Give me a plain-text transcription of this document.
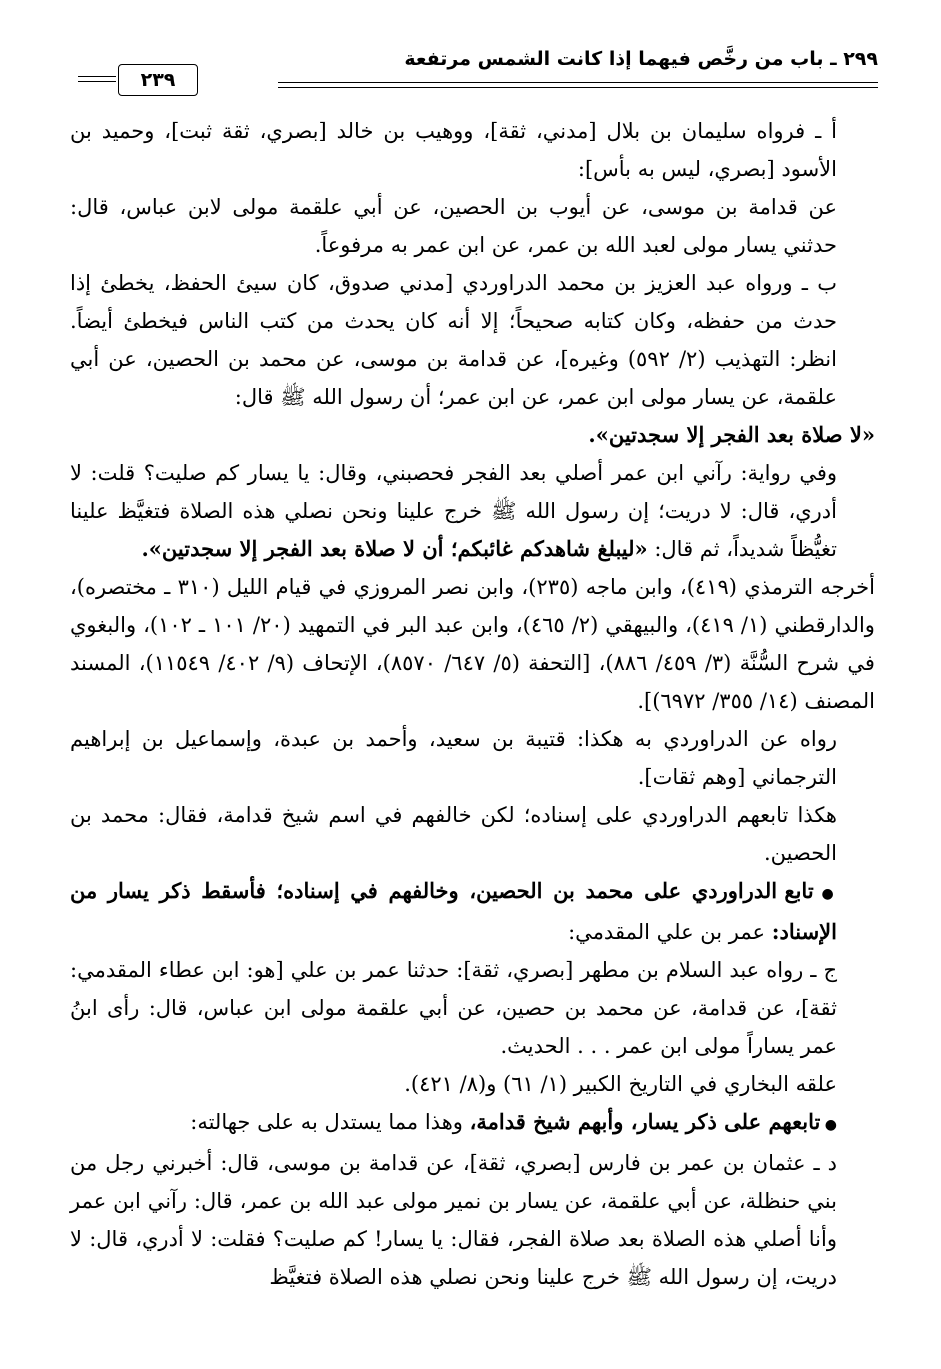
٢٩٩ ـ باب من رخَّص فيهما إذا كانت الشمس مرتفعة
٢٣٩

أ ـ فرواه سليمان بن بلال [مدني، ثقة]، ووهيب بن خالد [بصري، ثقة ثبت]، وحميد بن الأسود [بصري، ليس به بأس]:

عن قدامة بن موسى، عن أيوب بن الحصين، عن أبي علقمة مولى لابن عباس، قال: حدثني يسار مولى لعبد الله بن عمر، عن ابن عمر به مرفوعاً.

ب ـ ورواه عبد العزيز بن محمد الدراوردي [مدني صدوق، كان سيئ الحفظ، يخطئ إذا حدث من حفظه، وكان كتابه صحيحاً؛ إلا أنه كان يحدث من كتب الناس فيخطئ أيضاً. انظر: التهذيب (٢/ ٥٩٢) وغيره]، عن قدامة بن موسى، عن محمد بن الحصين، عن أبي علقمة، عن يسار مولى ابن عمر، عن ابن عمر؛ أن رسول الله ﷺ قال:

«لا صلاة بعد الفجر إلا سجدتين».

وفي رواية: رآني ابن عمر أصلي بعد الفجر فحصبني، وقال: يا يسار كم صليت؟ قلت: لا أدري، قال: لا دريت؛ إن رسول الله ﷺ خرج علينا ونحن نصلي هذه الصلاة فتغيَّظ علينا تغيُّظاً شديداً، ثم قال: «ليبلغ شاهدكم غائبكم؛ أن لا صلاة بعد الفجر إلا سجدتين».

أخرجه الترمذي (٤١٩)، وابن ماجه (٢٣٥)، وابن نصر المروزي في قيام الليل (٣١٠ ـ مختصره)، والدارقطني (١/ ٤١٩)، والبيهقي (٢/ ٤٦٥)، وابن عبد البر في التمهيد (٢٠/ ١٠١ ـ ١٠٢)، والبغوي في شرح السُّنَّة (٣/ ٤٥٩/ ٨٨٦)، [التحفة (٥/ ٦٤٧/ ٨٥٧٠)، الإتحاف (٩/ ٤٠٢/ ١١٥٤٩)، المسند المصنف (١٤/ ٣٥٥/ ٦٩٧٢)].

رواه عن الدراوردي به هكذا: قتيبة بن سعيد، وأحمد بن عبدة، وإسماعيل بن إبراهيم الترجماني [وهم ثقات].

هكذا تابعهم الدراوردي على إسناده؛ لكن خالفهم في اسم شيخ قدامة، فقال: محمد بن الحصين.

● تابع الدراوردي على محمد بن الحصين، وخالفهم في إسناده؛ فأسقط ذكر يسار من الإسناد: عمر بن علي المقدمي:

ج ـ رواه عبد السلام بن مطهر [بصري، ثقة]: حدثنا عمر بن علي [هو: ابن عطاء المقدمي: ثقة]، عن قدامة، عن محمد بن حصين، عن أبي علقمة مولى ابن عباس، قال: رأى ابنُ عمر يساراً مولى ابن عمر . . . الحديث.

علقه البخاري في التاريخ الكبير (١/ ٦١) و(٨/ ٤٢١).

● تابعهم على ذكر يسار، وأبهم شيخ قدامة، وهذا مما يستدل به على جهالته:

د ـ عثمان بن عمر بن فارس [بصري، ثقة]، عن قدامة بن موسى، قال: أخبرني رجل من بني حنظلة، عن أبي علقمة، عن يسار بن نمير مولى عبد الله بن عمر، قال: رآني ابن عمر وأنا أصلي هذه الصلاة بعد صلاة الفجر، فقال: يا يسار! كم صليت؟ فقلت: لا أدري، قال: لا دريت، إن رسول الله ﷺ خرج علينا ونحن نصلي هذه الصلاة فتغيَّظ
